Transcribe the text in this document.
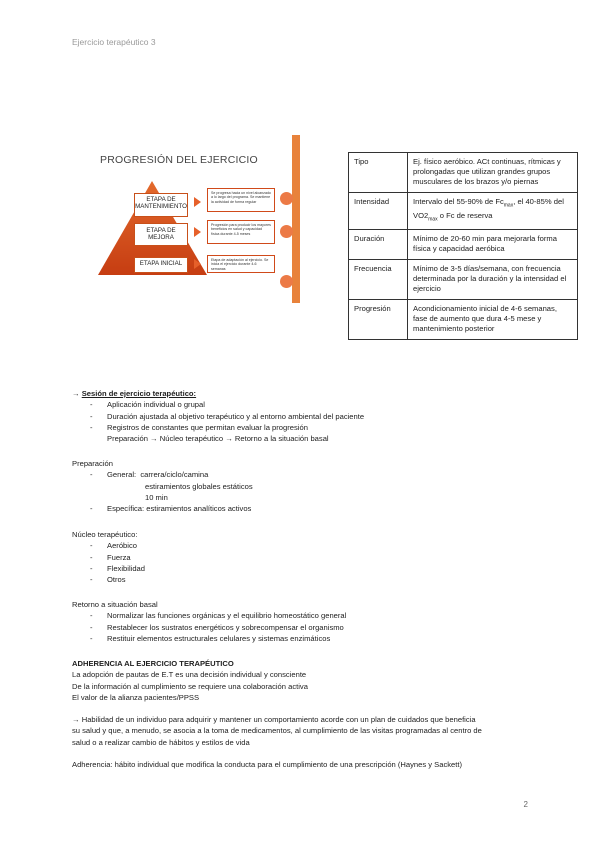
Ejercicio terapéutico 3
PROGRESIÓN DEL EJERCICIO
ETAPA DE MANTENIMIENTO
ETAPA DE MEJORA
ETAPA INICIAL
Se progresa hacia un nivel alcanzado a lo largo del programa. Se mantiene la actividad de forma regular
Progresión para producir los mayores beneficios en salud y capacidad física durante 4-5 meses
Etapa de adaptación al ejercicio. Se inicia el ejercicio durante 4-6 semanas
Tipo	Ej. físico aeróbico. ACt continuas, rítmicas y prolongadas que utilizan grandes grupos musculares de los brazos y/o piernas
Intensidad	Intervalo del 55-90% de $Fc_{max}$, el 40-85% del $VO2_{max}$ o Fc de reserva
Duración	Mínimo de 20-60 min para mejorarla forma física y capacidad aeróbica
Frecuencia	Mínimo de 3-5 días/semana, con frecuencia determinada por la duración y la intensidad el ejercicio
Progresión	Acondicionamiento inicial de 4-6 semanas, fase de aumento que dura 4-5 mese y mantenimiento posterior
→ Sesión de ejercicio terapéutico:
- Aplicación individual o grupal
- Duración ajustada al objetivo terapéutico y al entorno ambiental del paciente
- Registros de constantes que permitan evaluar la progresión
Preparación → Núcleo terapéutico → Retorno a la situación basal
Preparación
- General: carrera/ciclo/camina
estiramientos globales estáticos
10 min
- Específica: estiramientos analíticos activos
Núcleo terapéutico:
- Aeróbico
- Fuerza
- Flexibilidad
- Otros
Retorno a situación basal
- Normalizar las funciones orgánicas y el equilibrio homeostático general
- Restablecer los sustratos energéticos y sobrecompensar el organismo
- Restituir elementos estructurales celulares y sistemas enzimáticos
ADHERENCIA AL EJERCICIO TERAPÉUTICO
La adopción de pautas de E.T es una decisión individual y consciente
De la información al cumplimiento se requiere una colaboración activa
El valor de la alianza pacientes/PPSS
→ Habilidad de un individuo para adquirir y mantener un comportamiento acorde con un plan de cuidados que beneficia
su salud y que, a menudo, se asocia a la toma de medicamentos, al cumplimiento de las visitas programadas al centro de
salud o a realizar cambio de hábitos y estilos de vida
Adherencia: hábito individual que modifica la conducta para el cumplimiento de una prescripción (Haynes y Sackett)
2
